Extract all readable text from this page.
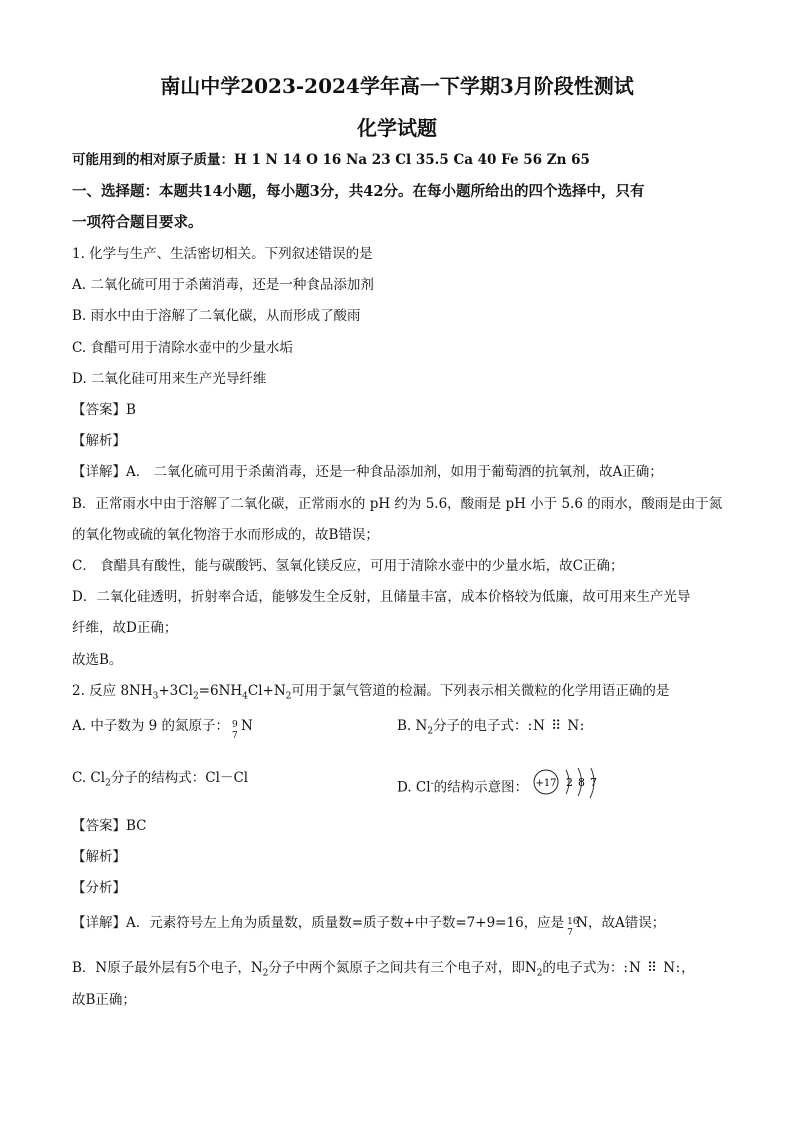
南山中学2023-2024学年高一下学期3月阶段性测试
化学试题
可能用到的相对原子质量：H 1 N 14 O 16 Na 23 Cl 35.5 Ca 40 Fe 56 Zn 65
一、选择题：本题共14小题，每小题3分，共42分。在每小题所给出的四个选择中，只有
一项符合题目要求。
1. 化学与生产、生活密切相关。下列叙述错误的是
A. 二氧化硫可用于杀菌消毒，还是一种食品添加剂
B. 雨水中由于溶解了二氧化碳，从而形成了酸雨
C. 食醋可用于清除水壶中的少量水垢
D. 二氧化硅可用来生产光导纤维
【答案】B
【解析】
【详解】A． 二氧化硫可用于杀菌消毒，还是一种食品添加剂，如用于葡萄酒的抗氧剂，故A正确；
B．正常雨水中由于溶解了二氧化碳，正常雨水的 pH 约为 5.6，酸雨是 pH 小于 5.6 的雨水，酸雨是由于氮
的氧化物或硫的氧化物溶于水而形成的，故B错误；
C． 食醋具有酸性，能与碳酸钙、氢氧化镁反应，可用于清除水壶中的少量水垢，故C正确；
D．二氧化硅透明，折射率合适，能够发生全反射，且储量丰富，成本价格较为低廉，故可用来生产光导
纤维，故D正确；
故选B。
2. 反应 $8NH_3+3Cl_2=6NH_4Cl+N_2$可用于氯气管道的检漏。下列表示相关微粒的化学用语正确的是
A. 中子数为 9 的氮原子： 9
7
N	B. $N_2$分子的电子式：:N ⠿ N:
C. $Cl_2$分子的结构式：Cl－Cl
D. Cl-的结构示意图： +17 2 8 7
【答案】BC
【解析】
【分析】
【详解】A．元素符号左上角为质量数，质量数=质子数+中子数=7+9=16，应是 16
7
N，故A错误；
B．N原子最外层有5个电子，$N_2$分子中两个氮原子之间共有三个电子对，即$N_2$的电子式为：:N ⠿ N:，
故B正确；
